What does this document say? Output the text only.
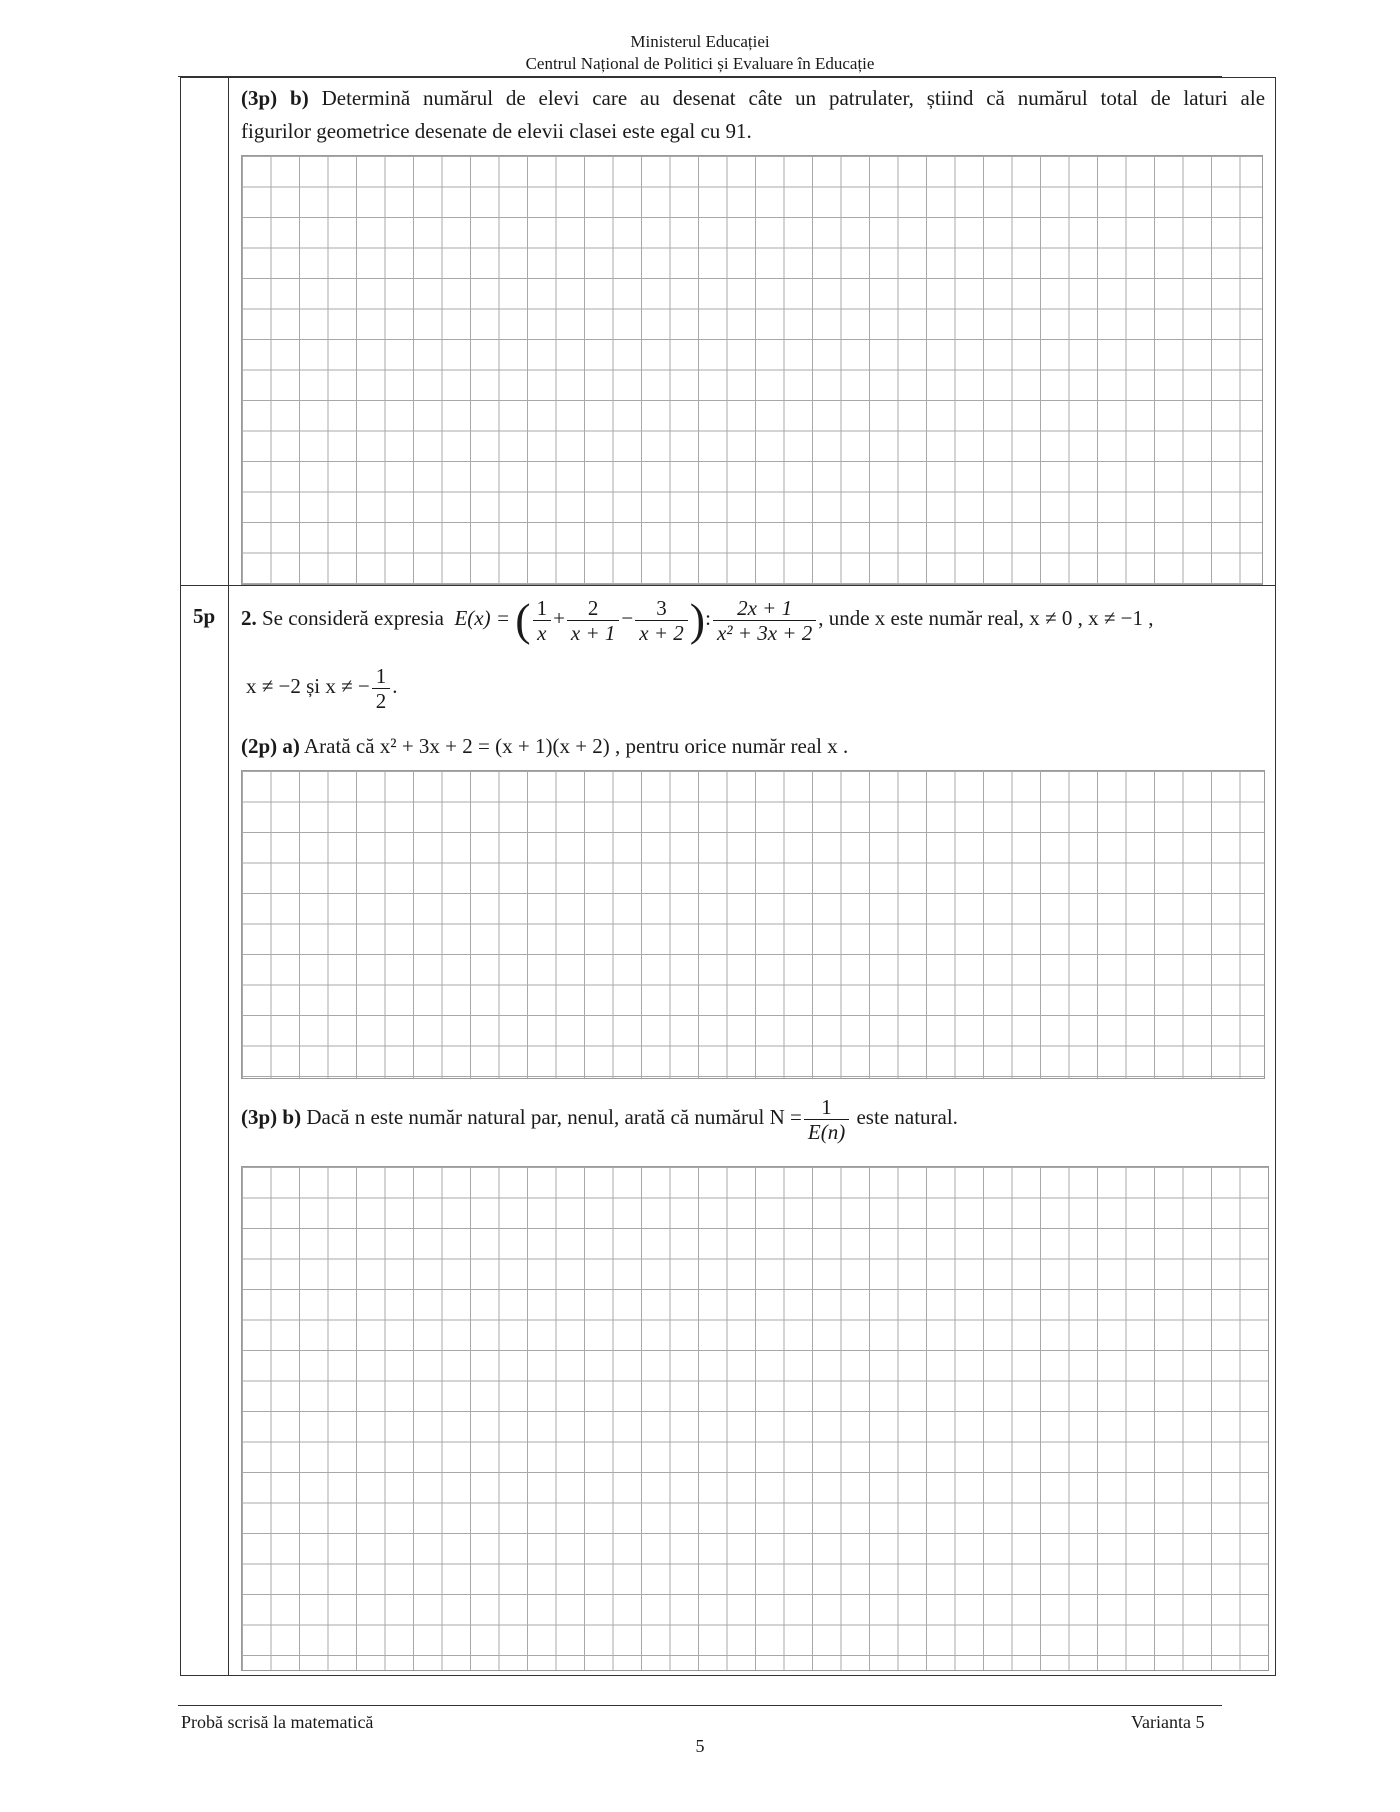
Ministerul Educației
Centrul Național de Politici și Evaluare în Educație
(3p) b) Determină numărul de elevi care au desenat câte un patrulater, știind că numărul total de laturi ale
figurilor geometrice desenate de elevii clasei este egal cu 91.
5p 2. Se consideră expresia E(x) = ( $\frac{1}{x} + \frac{2}{x + 1} - \frac{3}{x + 2}$ ): $\frac{2x + 1}{\text{x² + 3x + 2}}$ , unde x este număr real, x ≠ 0 , x ≠ −1 ,
x ≠ −2 și x ≠ − $\frac{1}{2}$ .
(2p) a) Arată că x² + 3x + 2 = (x + 1)(x + 2) , pentru orice număr real x .
(3p) b) Dacă n este număr natural par, nenul, arată că numărul $N = \frac{1}{E(n)}$ este natural.
Probă scrisă la matematică	Varianta 5
5
